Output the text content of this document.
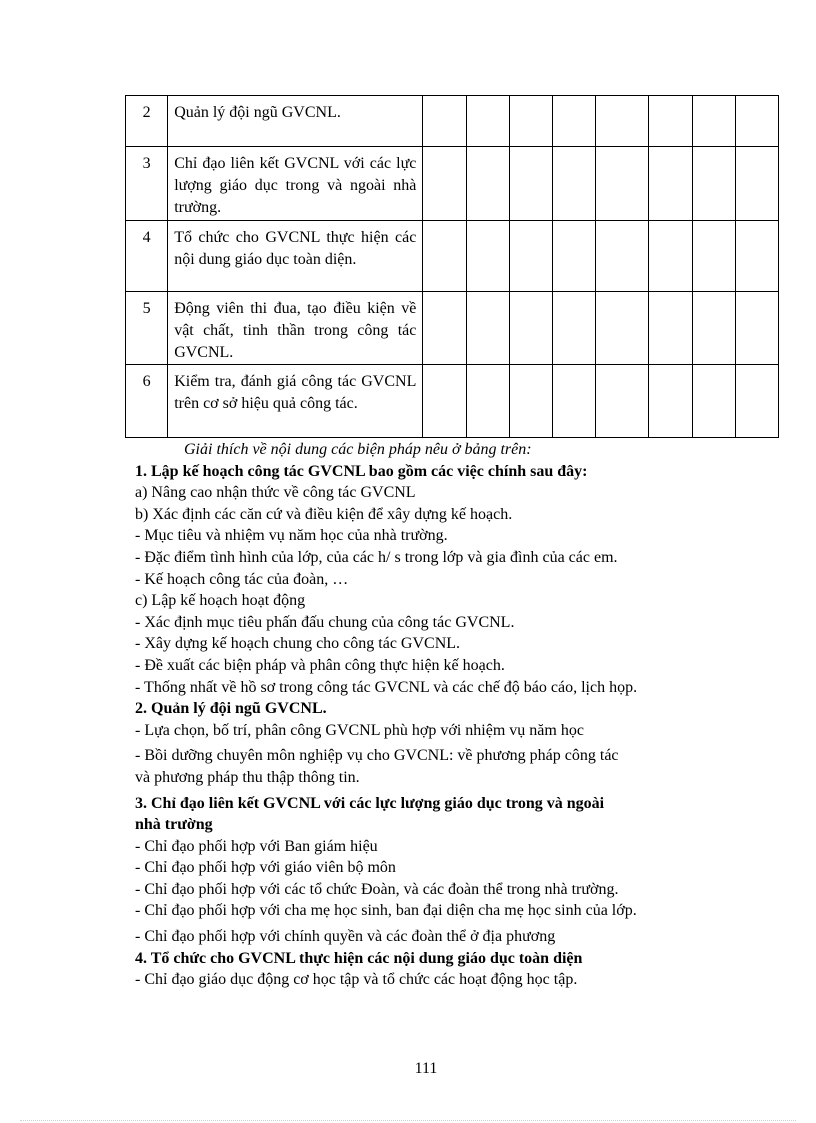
2	Quản lý đội ngũ GVCNL.								
3	Chỉ đạo liên kết GVCNL với các lực lượng giáo dục trong và ngoài nhà trường.								
4	Tổ chức cho GVCNL thực hiện các nội dung giáo dục toàn diện.								
5	Động viên thi đua, tạo điều kiện về vật chất, tinh thần trong công tác GVCNL.								
6	Kiểm tra, đánh giá công tác GVCNL trên cơ sở hiệu quả công tác.								

Giải thích về nội dung các biện pháp nêu ở bảng trên:

1. Lập kế hoạch công tác GVCNL bao gồm các việc chính sau đây:

a) Nâng cao nhận thức về công tác GVCNL

b) Xác định các căn cứ và điều kiện để xây dựng kế hoạch.

- Mục tiêu và nhiệm vụ năm học của nhà trường.

- Đặc điểm tình hình của lớp, của các h/ s trong lớp và gia đình của các em.

- Kế hoạch công tác của đoàn, …

c) Lập kế hoạch hoạt động

- Xác định mục tiêu phấn đấu chung của công tác GVCNL.

- Xây dựng kế hoạch chung cho công tác GVCNL.

- Đề xuất các biện pháp và phân công thực hiện kế hoạch.

- Thống nhất về hồ sơ trong công tác GVCNL và các chế độ báo cáo, lịch họp.

2. Quản lý đội ngũ GVCNL.

- Lựa chọn, bố trí, phân công GVCNL phù hợp với nhiệm vụ năm học

- Bồi dưỡng chuyên môn nghiệp vụ cho GVCNL: về phương pháp công tác

và phương pháp thu thập thông tin.

3. Chỉ đạo liên kết GVCNL với các lực lượng giáo dục trong và ngoài

nhà trường

- Chỉ đạo phối hợp với Ban giám hiệu

- Chỉ đạo phối hợp với giáo viên bộ môn

- Chỉ đạo phối hợp với các tổ chức Đoàn, và các đoàn thể trong nhà trường.

- Chỉ đạo phối hợp với cha mẹ học sinh, ban đại diện cha mẹ học sinh của lớp.

- Chỉ đạo phối hợp với chính quyền và các đoàn thể ở địa phương

4. Tổ chức cho GVCNL thực hiện các nội dung giáo dục toàn diện

- Chỉ đạo giáo dục động cơ học tập và tổ chức các hoạt động học tập.

111
